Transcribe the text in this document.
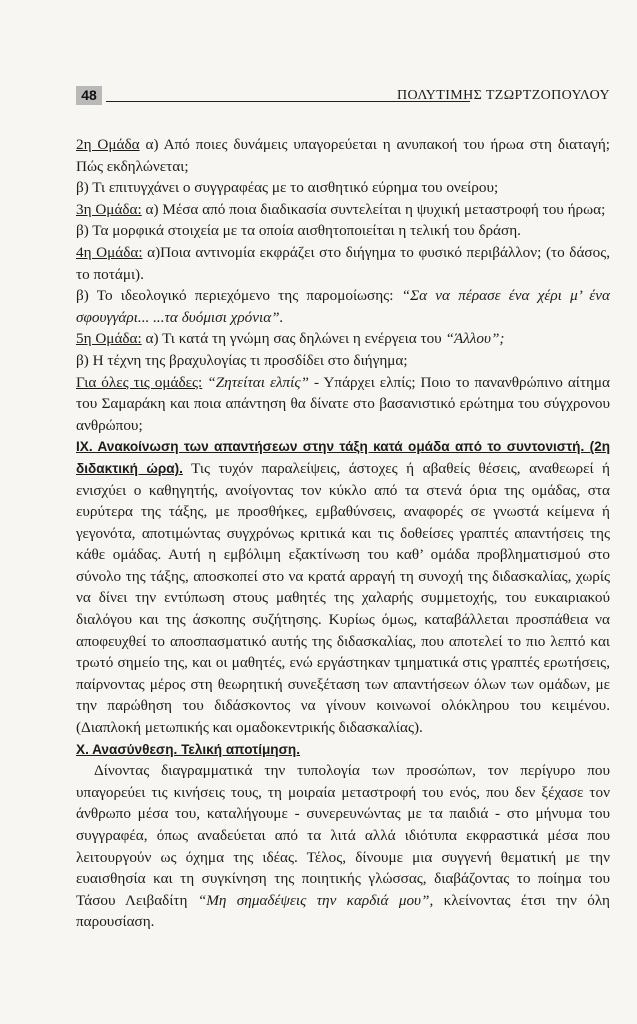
48	ΠΟΛΥΤΙΜΗΣ ΤΖΩΡΤΖΟΠΟΥΛΟΥ

2η Ομάδα α) Από ποιες δυνάμεις υπαγορεύεται η ανυπακοή του ήρωα στη διαταγή; Πώς εκδηλώνεται;

β) Τι επιτυγχάνει ο συγγραφέας με το αισθητικό εύρημα του ονείρου;

3η Ομάδα: α) Μέσα από ποια διαδικασία συντελείται η ψυχική μεταστροφή του ήρωα;

β) Τα μορφικά στοιχεία με τα οποία αισθητοποιείται η τελική του δράση.

4η Ομάδα: α)Ποια αντινομία εκφράζει στο διήγημα το φυσικό περιβάλλον; (το δάσος, το ποτάμι).

β) Το ιδεολογικό περιεχόμενο της παρομοίωσης: “Σα να πέρασε ένα χέρι μ’ ένα σφουγγάρι... ...τα δυόμισι χρόνια”.

5η Ομάδα: α) Τι κατά τη γνώμη σας δηλώνει η ενέργεια του “Άλλου”;

β) Η τέχνη της βραχυλογίας τι προσδίδει στο διήγημα;

Για όλες τις ομάδες: “Ζητείται ελπίς” - Υπάρχει ελπίς; Ποιο το πανανθρώπινο αίτημα του Σαμαράκη και ποια απάντηση θα δίνατε στο βασανιστικό ερώτημα του σύγχρονου ανθρώπου;

ΙΧ. Ανακοίνωση των απαντήσεων στην τάξη κατά ομάδα από το συντονιστή. (2η διδακτική ώρα). Τις τυχόν παραλείψεις, άστοχες ή αβαθείς θέσεις, αναθεωρεί ή ενισχύει ο καθηγητής, ανοίγοντας τον κύκλο από τα στενά όρια της ομάδας, στα ευρύτερα της τάξης, με προσθήκες, εμβαθύνσεις, αναφορές σε γνωστά κείμενα ή γεγονότα, αποτιμώντας συγχρόνως κριτικά και τις δοθείσες γραπτές απαντήσεις της κάθε ομάδας. Αυτή η εμβόλιμη εξακτίνωση του καθ’ ομάδα προβληματισμού στο σύνολο της τάξης, αποσκοπεί στο να κρατά αρραγή τη συνοχή της διδασκαλίας, χωρίς να δίνει την εντύπωση στους μαθητές της χαλαρής συμμετοχής, του ευκαιριακού διαλόγου και της άσκοπης συζήτησης. Κυρίως όμως, καταβάλλεται προσπάθεια να αποφευχθεί το αποσπασματικό αυτής της διδασκαλίας, που αποτελεί το πιο λεπτό και τρωτό σημείο της, και οι μαθητές, ενώ εργάστηκαν τμηματικά στις γραπτές ερωτήσεις, παίρνοντας μέρος στη θεωρητική συνεξέταση των απαντήσεων όλων των ομάδων, με την παρώθηση του διδάσκοντος να γίνουν κοινωνοί ολόκληρου του κειμένου. (Διαπλοκή μετωπικής και ομαδοκεντρικής διδασκαλίας).

Χ. Ανασύνθεση. Τελική αποτίμηση.

Δίνοντας διαγραμματικά την τυπολογία των προσώπων, τον περίγυρο που υπαγορεύει τις κινήσεις τους, τη μοιραία μεταστροφή του ενός, που δεν ξέχασε τον άνθρωπο μέσα του, καταλήγουμε - συνερευνώντας με τα παιδιά - στο μήνυμα του συγγραφέα, όπως αναδεύεται από τα λιτά αλλά ιδιότυπα εκφραστικά μέσα που λειτουργούν ως όχημα της ιδέας. Τέλος, δίνουμε μια συγγενή θεματική με την ευαισθησία και τη συγκίνηση της ποιητικής γλώσσας, διαβάζοντας το ποίημα του Τάσου Λειβαδίτη “Μη σημαδέψεις την καρδιά μου”, κλείνοντας έτσι την όλη παρουσίαση.
